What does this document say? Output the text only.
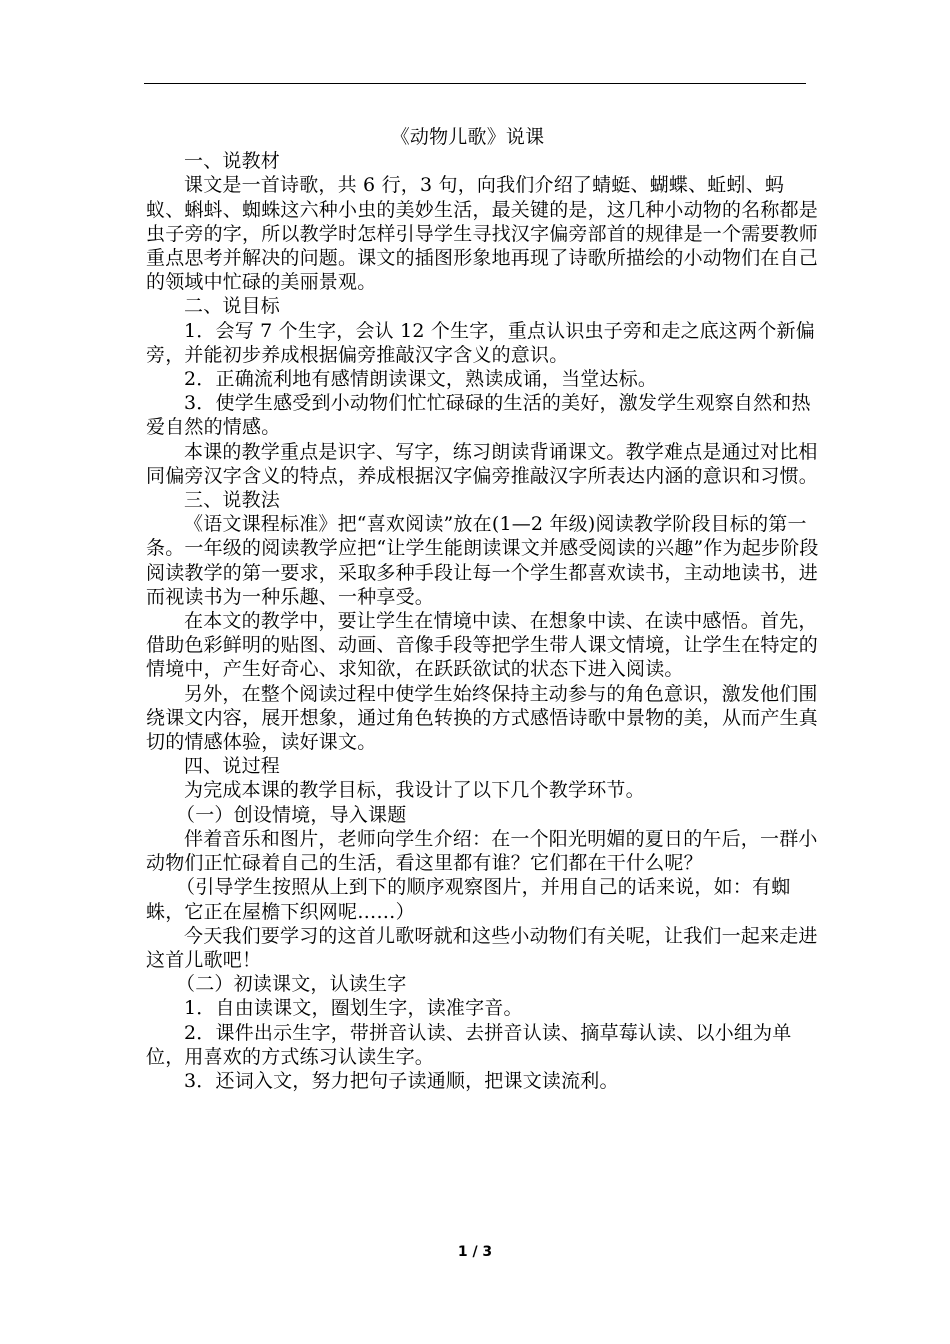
《动物儿歌》说课

一、说教材

课文是一首诗歌，共 6 行，3 句，向我们介绍了蜻蜓、蝴蝶、蚯蚓、蚂蚁、蝌蚪、蜘蛛这六种小虫的美妙生活，最关键的是，这几种小动物的名称都是虫子旁的字，所以教学时怎样引导学生寻找汉字偏旁部首的规律是一个需要教师重点思考并解决的问题。课文的插图形象地再现了诗歌所描绘的小动物们在自己的领域中忙碌的美丽景观。

二、说目标

1．会写 7 个生字，会认 12 个生字，重点认识虫子旁和走之底这两个新偏旁，并能初步养成根据偏旁推敲汉字含义的意识。

2．正确流利地有感情朗读课文，熟读成诵，当堂达标。

3．使学生感受到小动物们忙忙碌碌的生活的美好，激发学生观察自然和热爱自然的情感。

本课的教学重点是识字、写字，练习朗读背诵课文。教学难点是通过对比相同偏旁汉字含义的特点，养成根据汉字偏旁推敲汉字所表达内涵的意识和习惯。

三、说教法

《语文课程标准》把“喜欢阅读”放在(1—2 年级)阅读教学阶段目标的第一条。一年级的阅读教学应把“让学生能朗读课文并感受阅读的兴趣”作为起步阶段阅读教学的第一要求，采取多种手段让每一个学生都喜欢读书，主动地读书，进而视读书为一种乐趣、一种享受。

在本文的教学中，要让学生在情境中读、在想象中读、在读中感悟。首先，借助色彩鲜明的贴图、动画、音像手段等把学生带人课文情境，让学生在特定的情境中，产生好奇心、求知欲，在跃跃欲试的状态下进入阅读。

另外，在整个阅读过程中使学生始终保持主动参与的角色意识，激发他们围绕课文内容，展开想象，通过角色转换的方式感悟诗歌中景物的美，从而产生真切的情感体验，读好课文。

四、说过程

为完成本课的教学目标，我设计了以下几个教学环节。

（一）创设情境，导入课题

伴着音乐和图片，老师向学生介绍：在一个阳光明媚的夏日的午后，一群小动物们正忙碌着自己的生活，看这里都有谁？它们都在干什么呢？

（引导学生按照从上到下的顺序观察图片，并用自己的话来说，如：有蜘蛛，它正在屋檐下织网呢……）

今天我们要学习的这首儿歌呀就和这些小动物们有关呢，让我们一起来走进这首儿歌吧！

（二）初读课文，认读生字

1．自由读课文，圈划生字，读准字音。

2．课件出示生字，带拼音认读、去拼音认读、摘草莓认读、以小组为单位，用喜欢的方式练习认读生字。

3．还词入文，努力把句子读通顺，把课文读流利。

1 / 3
